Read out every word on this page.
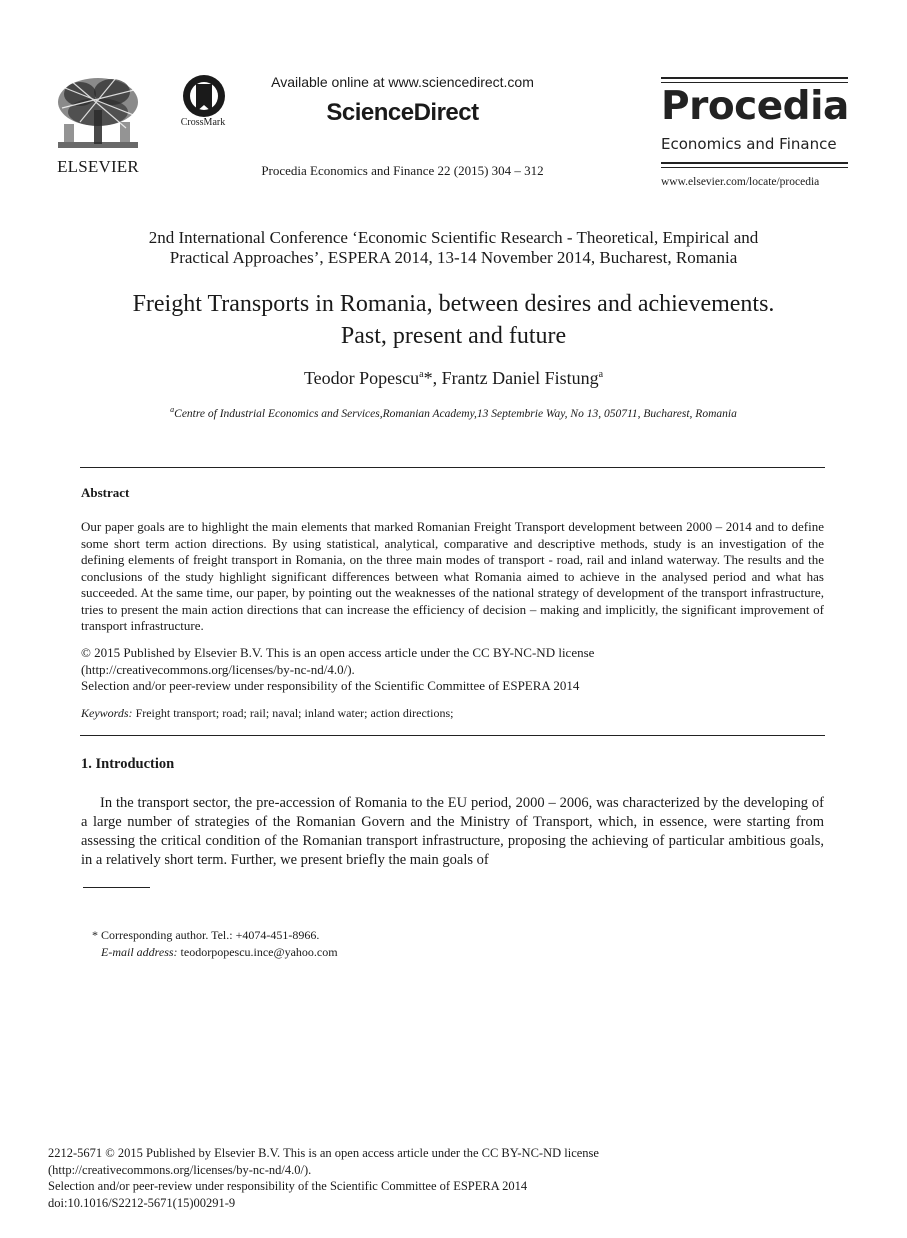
ELSEVIER
CrossMark
Available online at www.sciencedirect.com
ScienceDirect
Procedia Economics and Finance 22 (2015) 304 – 312
Procedia
Economics and Finance
www.elsevier.com/locate/procedia
2nd International Conference ‘Economic Scientific Research - Theoretical, Empirical and
Practical Approaches’, ESPERA 2014, 13-14 November 2014, Bucharest, Romania
Freight Transports in Romania, between desires and achievements.
Past, present and future
Teodor Popescu$^a$*, Frantz Daniel Fistung$^a$
$^a$Centre of Industrial Economics and Services,Romanian Academy,13 Septembrie Way, No 13, 050711, Bucharest, Romania
Abstract
Our paper goals are to highlight the main elements that marked Romanian Freight Transport development between 2000 – 2014 and to define some short term action directions. By using statistical, analytical, comparative and descriptive methods, study is an investigation of the defining elements of freight transport in Romania, on the three main modes of transport - road, rail and inland waterway. The results and the conclusions of the study highlight significant differences between what Romania aimed to achieve in the analysed period and what has succeeded. At the same time, our paper, by pointing out the weaknesses of the national strategy of development of the transport infrastructure, tries to present the main action directions that can increase the efficiency of decision – making and implicitly, the significant improvement of transport infrastructure.
© 2015 Published by Elsevier B.V. This is an open access article under the CC BY-NC-ND license
(http://creativecommons.org/licenses/by-nc-nd/4.0/).
Selection and/or peer-review under responsibility of the Scientific Committee of ESPERA 2014
Keywords: Freight transport; road; rail; naval; inland water; action directions;
1. Introduction
In the transport sector, the pre-accession of Romania to the EU period, 2000 – 2006, was characterized by the developing of a large number of strategies of the Romanian Govern and the Ministry of Transport, which, in essence, were starting from assessing the critical condition of the Romanian transport infrastructure, proposing the achieving of particular ambitious goals, in a relatively short term. Further, we present briefly the main goals of
* Corresponding author. Tel.: +4074-451-8966.
E-mail address: teodorpopescu.ince@yahoo.com
2212-5671 © 2015 Published by Elsevier B.V. This is an open access article under the CC BY-NC-ND license
(http://creativecommons.org/licenses/by-nc-nd/4.0/).
Selection and/or peer-review under responsibility of the Scientific Committee of ESPERA 2014
doi:10.1016/S2212-5671(15)00291-9
